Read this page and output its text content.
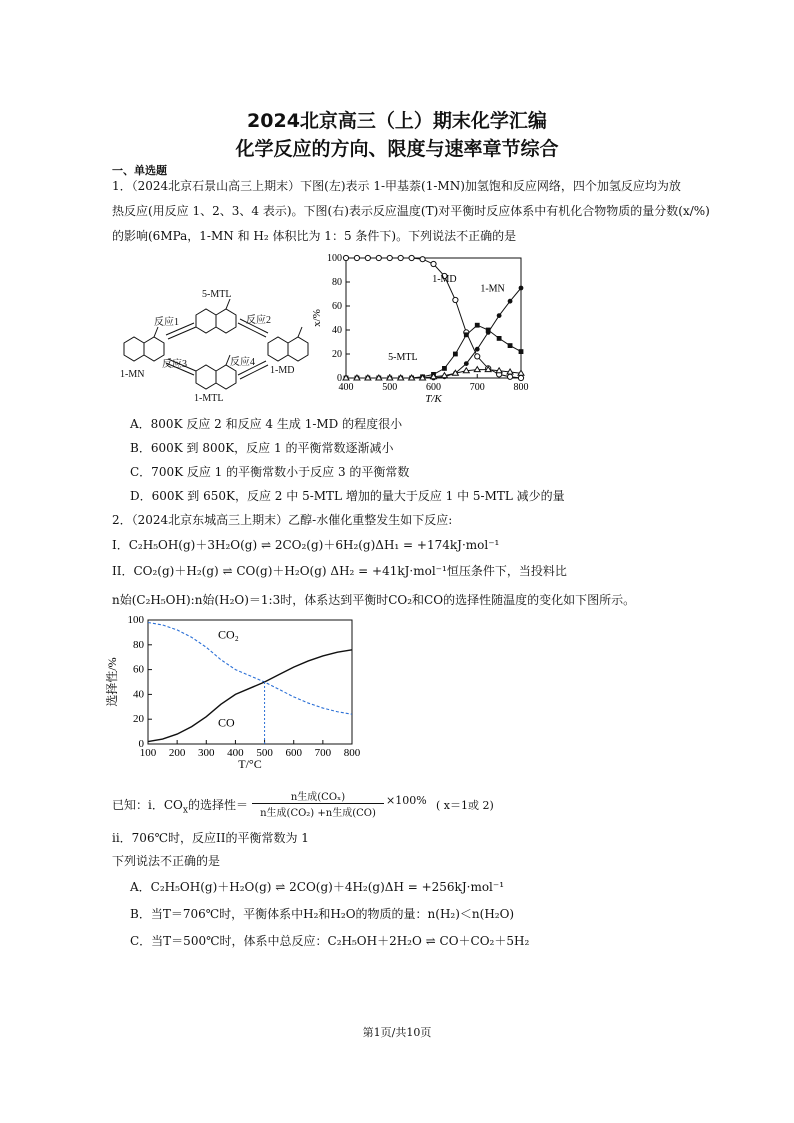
2024北京高三（上）期末化学汇编
化学反应的方向、限度与速率章节综合
一、单选题
1．（2024北京石景山高三上期末）下图(左)表示 1-甲基萘(1-MN)加氢饱和反应网络，四个加氢反应均为放
热反应(用反应 1、2、3、4 表示)。下图(右)表示反应温度(T)对平衡时反应体系中有机化合物物质的量分数(x/%)
的影响(6MPa，1-MN 和 H₂ 体积比为 1：5 条件下)。下列说法不正确的是
5-MTL
反应1	反应2
反应3	反应4
1-MN
1-MTL
1-MD
400	500	600	700	800
0
20
40
60
80
100
T/K
x/%
1-MD
1-MN
5-MTL
A．800K 反应 2 和反应 4 生成 1-MD 的程度很小
B．600K 到 800K，反应 1 的平衡常数逐渐减小
C．700K 反应 1 的平衡常数小于反应 3 的平衡常数
D．600K 到 650K，反应 2 中 5-MTL 增加的量大于反应 1 中 5-MTL 减少的量
2．（2024北京东城高三上期末）乙醇-水催化重整发生如下反应:
I．C₂H₅OH(g)＋3H₂O(g) ⇌ 2CO₂(g)＋6H₂(g)ΔH₁ = +174kJ·mol⁻¹
II．CO₂(g)＋H₂(g) ⇌ CO(g)＋H₂O(g) ΔH₂ = +41kJ·mol⁻¹恒压条件下，当投料比
n始(C₂H₅OH):n始(H₂O)＝1:3时，体系达到平衡时CO₂和CO的选择性随温度的变化如下图所示。
100 200 300 400 500 600 700 800
0
20
40
60
80
100
T/°C
选择性/%
CO₂
CO
已知：i．$CO_x$的选择性＝
n生成(COₓ)
n生成(CO₂) +n生成(CO)
×100% ( x＝1或 2)
ii．706℃时，反应II的平衡常数为 1
下列说法不正确的是
A．C₂H₅OH(g)＋H₂O(g) ⇌ 2CO(g)＋4H₂(g)ΔH = +256kJ·mol⁻¹
B．当T＝706℃时，平衡体系中H₂和H₂O的物质的量：n(H₂)＜n(H₂O)
C．当T＝500℃时，体系中总反应：C₂H₅OH＋2H₂O ⇌ CO＋CO₂＋5H₂
第1页/共10页
